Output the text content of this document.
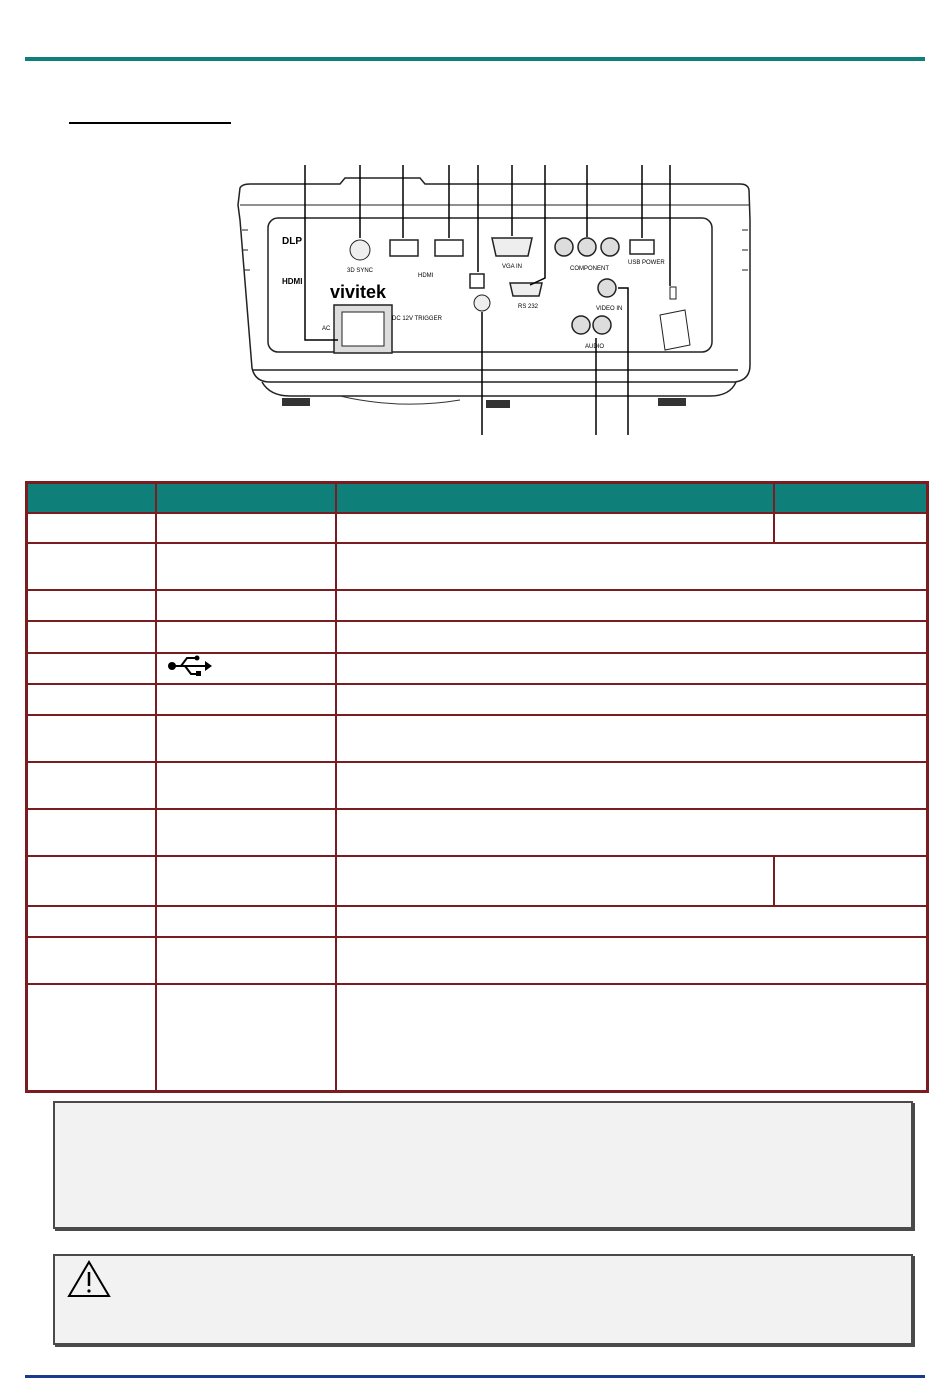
DLP
HDMI
vivitek
AC
3D SYNC
HDMI
DC 12V TRIGGER
VGA IN
RS 232
COMPONENT
USB POWER
VIDEO IN
AUDIO
